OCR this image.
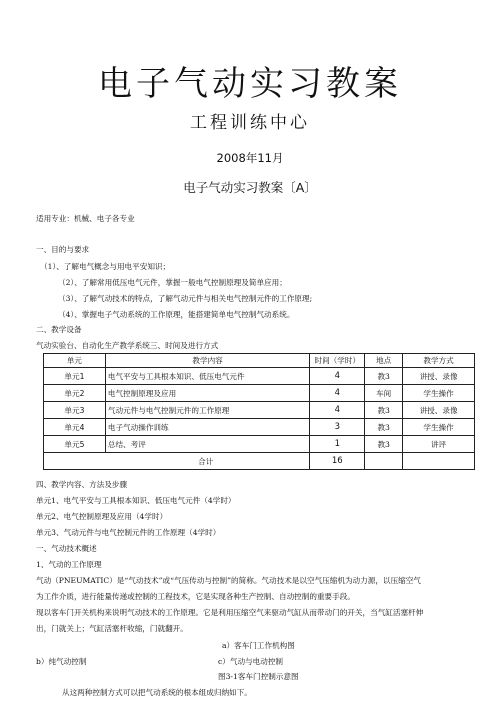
电子气动实习教案
工程训练中心
2008年11月
电子气动实习教案〔A〕
适用专业：机械、电子各专业
一、目的与要求
（1）、了解电气概念与用电平安知识；
（2）、了解常用低压电气元件，掌握一般电气控制原理及简单应用；
（3）、了解气动技术的特点，了解气动元件与相关电气控制元件的工作原理;
（4）、掌握电子气动系统的工作原理，能搭建简单电气控制气动系统。
二、教学设备
气动实验台、自动化生产教学系统三、时间及进行方式
单元	教学内容	时间（学时）	地点	教学方式
单元1	电气平安与工具根本知识、低压电气元件	4	教3	讲授、录像
单元2	电气控制原理及应用	4	车间	学生操作
单元3	气动元件与电气控制元件的工作原理	4	教3	讲授、录像
单元4	电子气动操作训练	3	教3	学生操作
单元5	总结、考评	1	教3	讲评
合计		16		
四、教学内容、方法及步骤
单元1、电气平安与工具根本知识、低压电气元件（4学时）
单元2、电气控制原理及应用（4学时）
单元3、气动元件与电气控制元件的工作原理（4学时）
一、气动技术概述
1、气动的工作原理
气动（PNEUMATIC）是“气动技术”或“气压传动与控制”的简称。气动技术是以空气压缩机为动力源，以压缩空气
为工作介质，进行能量传递或控制的工程技术，它是实现各种生产控制、自动控制的重要手段。
现以客车门开关机构来说明气动技术的工作原理。它是利用压缩空气来驱动气缸从而带动门的开关，当气缸活塞杆伸
出，门就关上；气缸活塞杆收缩，门就翻开。
a）客车门工作机构图
b）纯气动控制	c）气动与电动控制
图3-1客车门控制示意图
从这两种控制方式可以把气动系统的根本组成归纳如下。
